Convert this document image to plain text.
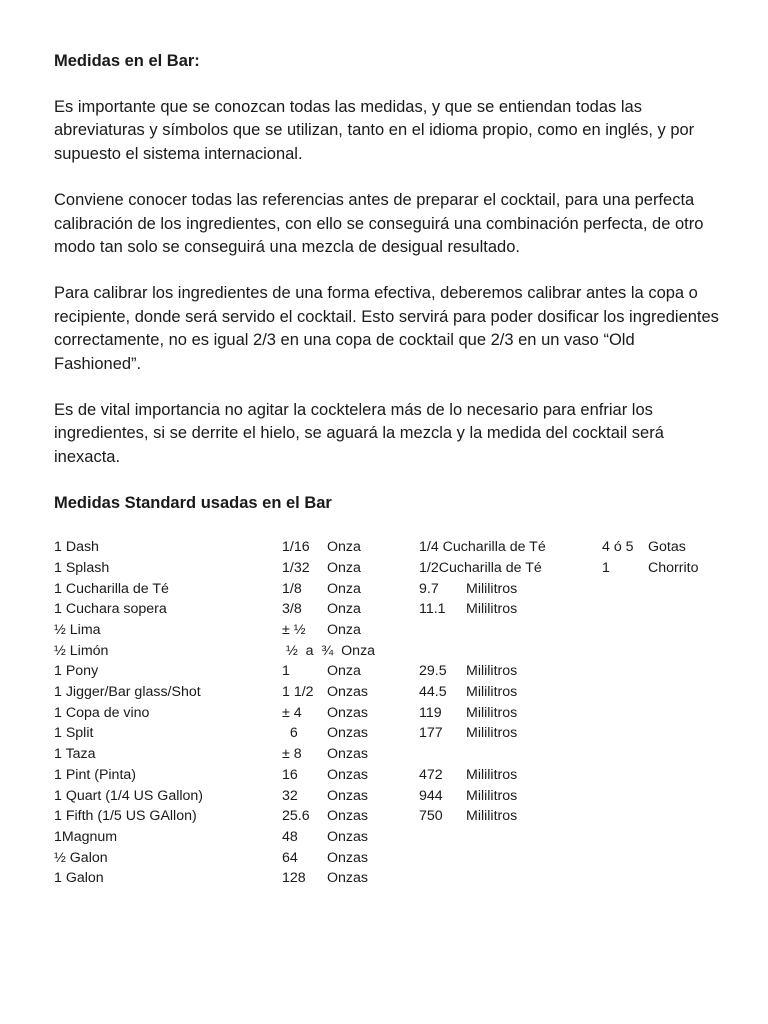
Medidas en el Bar:

Es importante que se conozcan todas las medidas, y que se entiendan todas las abreviaturas y símbolos que se utilizan, tanto en el idioma propio, como en inglés, y por supuesto el sistema internacional.

Conviene conocer todas las referencias antes de preparar el cocktail, para una perfecta calibración de los ingredientes, con ello se conseguirá una combinación perfecta, de otro modo tan solo se conseguirá una mezcla de desigual resultado.

Para calibrar los ingredientes de una forma efectiva, deberemos calibrar antes la copa o recipiente, donde será servido el cocktail. Esto servirá para poder dosificar los ingredientes correctamente, no es igual 2/3 en una copa de cocktail que 2/3 en un vaso “Old Fashioned”.

Es de vital importancia no agitar la cocktelera más de lo necesario para enfriar los ingredientes, si se derrite el hielo, se aguará la mezcla y la medida del cocktail será inexacta.

Medidas Standard usadas en el Bar
1 Dash	1/16 Onza	1/4 Cucharilla de Té	4 ó 5 Gotas
1 Splash	1/32 Onza	1/2Cucharilla de Té	1	Chorrito
1 Cucharilla de Té	1/8 Onza	9.7 Mililitros
1 Cuchara sopera	3/8 Onza	11.1 Mililitros
½ Lima	± ½ Onza
½ Limón	½  a  ¾  Onza
1 Pony	1	Onza	29.5 Mililitros
1 Jigger/Bar glass/Shot	1 1/2 Onzas	44.5 Mililitros
1 Copa de vino	± 4 Onzas	119 Mililitros
1 Split	6 Onzas	177 Mililitros
1 Taza	± 8 Onzas
1 Pint (Pinta)	16 Onzas	472 Mililitros
1 Quart (1/4 US Gallon)	32 Onzas	944 Mililitros
1 Fifth (1/5 US GAllon)	25.6 Onzas	750 Mililitros
1Magnum	48 Onzas
½ Galon	64 Onzas
1 Galon	128 Onzas
